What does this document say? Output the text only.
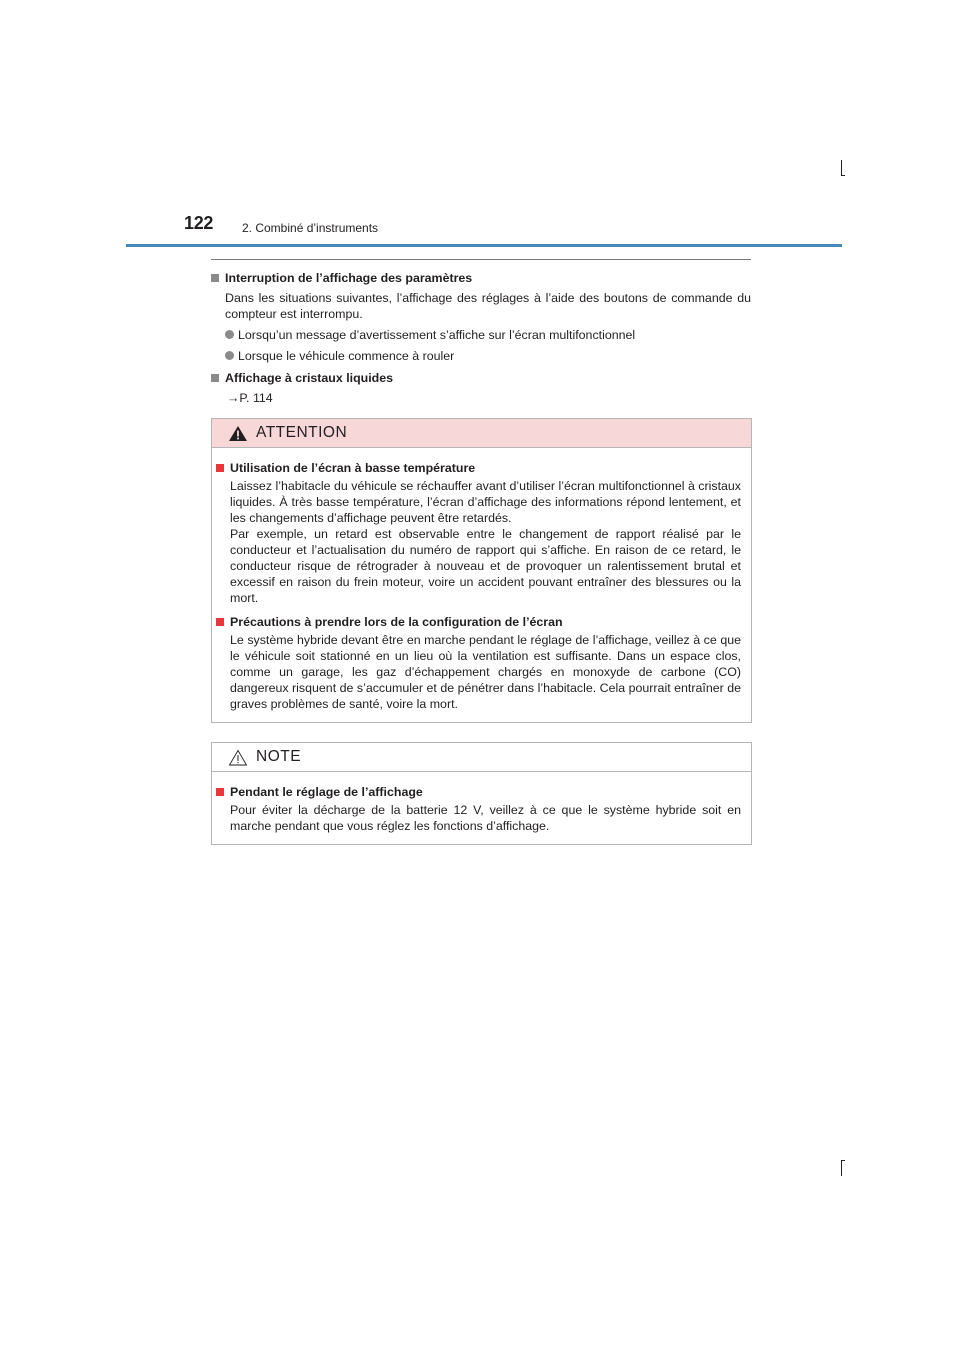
122 2. Combiné d’instruments
Interruption de l’affichage des paramètres
Dans les situations suivantes, l’affichage des réglages à l’aide des boutons de commande du compteur est interrompu.
Lorsqu’un message d’avertissement s’affiche sur l’écran multifonctionnel
Lorsque le véhicule commence à rouler
Affichage à cristaux liquides
→P. 114
ATTENTION
Utilisation de l’écran à basse température
Laissez l’habitacle du véhicule se réchauffer avant d’utiliser l’écran multifonctionnel à cristaux liquides. À très basse température, l’écran d’affichage des informations répond lentement, et les changements d’affichage peuvent être retardés.
Par exemple, un retard est observable entre le changement de rapport réalisé par le conducteur et l’actualisation du numéro de rapport qui s’affiche. En raison de ce retard, le conducteur risque de rétrograder à nouveau et de provoquer un ralentissement brutal et excessif en raison du frein moteur, voire un accident pouvant entraîner des blessures ou la mort.
Précautions à prendre lors de la configuration de l’écran
Le système hybride devant être en marche pendant le réglage de l’affichage, veillez à ce que le véhicule soit stationné en un lieu où la ventilation est suffisante. Dans un espace clos, comme un garage, les gaz d’échappement chargés en monoxyde de carbone (CO) dangereux risquent de s’accumuler et de pénétrer dans l’habitacle. Cela pourrait entraîner de graves problèmes de santé, voire la mort.
NOTE
Pendant le réglage de l’affichage
Pour éviter la décharge de la batterie 12 V, veillez à ce que le système hybride soit en marche pendant que vous réglez les fonctions d’affichage.
